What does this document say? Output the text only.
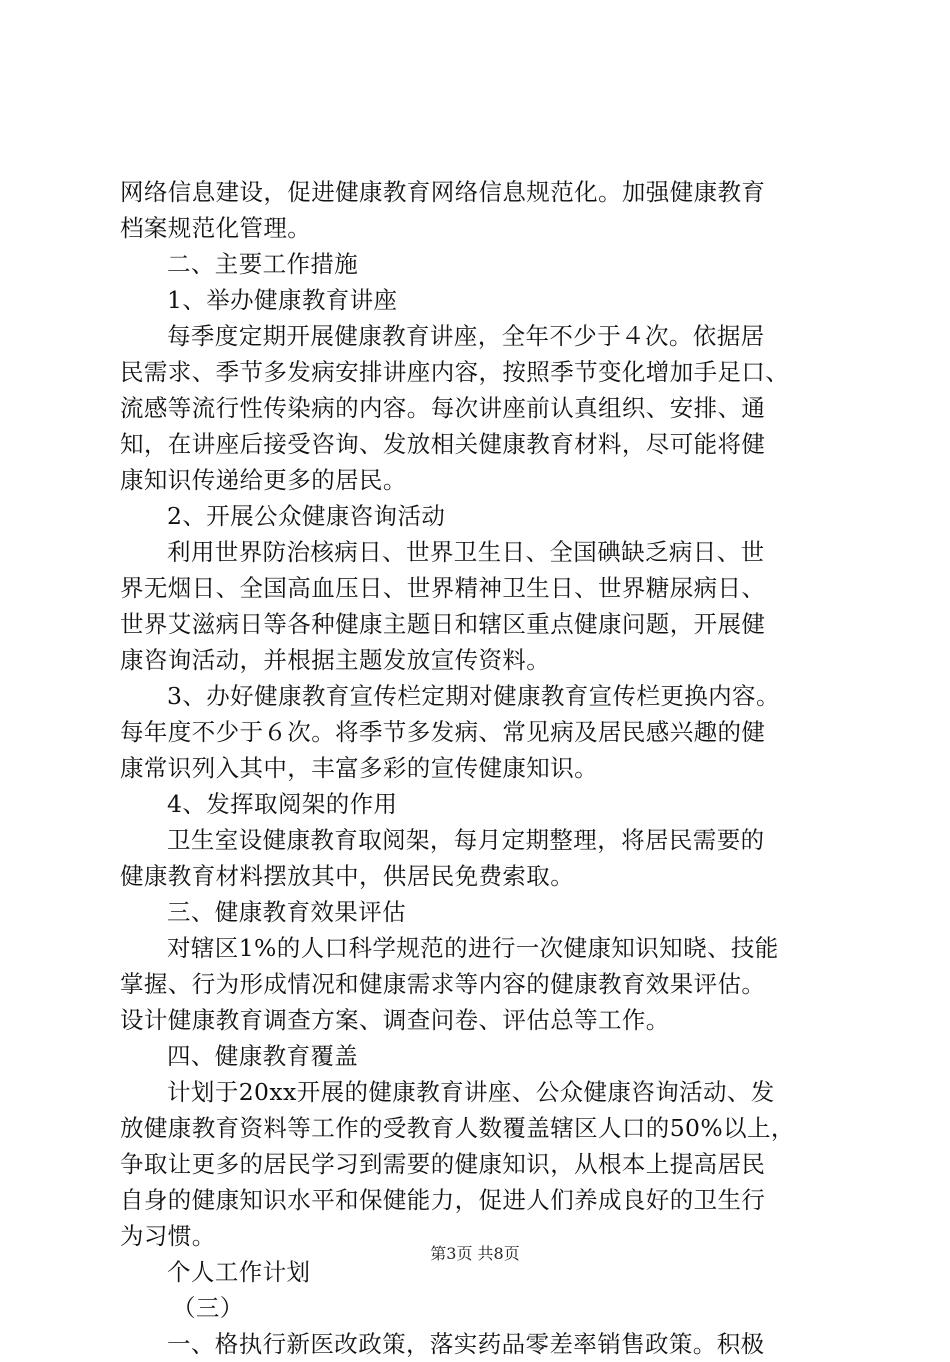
网络信息建设，促进健康教育网络信息规范化。加强健康教育
档案规范化管理。
二、主要工作措施
1、举办健康教育讲座
每季度定期开展健康教育讲座，全年不少于４次。依据居
民需求、季节多发病安排讲座内容，按照季节变化增加手足口、
流感等流行性传染病的内容。每次讲座前认真组织、安排、通
知，在讲座后接受咨询、发放相关健康教育材料，尽可能将健
康知识传递给更多的居民。
2、开展公众健康咨询活动
利用世界防治核病日、世界卫生日、全国碘缺乏病日、世
界无烟日、全国高血压日、世界精神卫生日、世界糖尿病日、
世界艾滋病日等各种健康主题日和辖区重点健康问题，开展健
康咨询活动，并根据主题发放宣传资料。
3、办好健康教育宣传栏定期对健康教育宣传栏更换内容。
每年度不少于６次。将季节多发病、常见病及居民感兴趣的健
康常识列入其中，丰富多彩的宣传健康知识。
4、发挥取阅架的作用
卫生室设健康教育取阅架，每月定期整理，将居民需要的
健康教育材料摆放其中，供居民免费索取。
三、健康教育效果评估
对辖区1%的人口科学规范的进行一次健康知识知晓、技能
掌握、行为形成情况和健康需求等内容的健康教育效果评估。
设计健康教育调查方案、调查问卷、评估总等工作。
四、健康教育覆盖
计划于20xx开展的健康教育讲座、公众健康咨询活动、发
放健康教育资料等工作的受教育人数覆盖辖区人口的50%以上，
争取让更多的居民学习到需要的健康知识，从根本上提高居民
自身的健康知识水平和保健能力，促进人们养成良好的卫生行
为习惯。
个人工作计划
（三）
一、格执行新医改政策，落实药品零差率销售政策。积极
第3页 共8页
